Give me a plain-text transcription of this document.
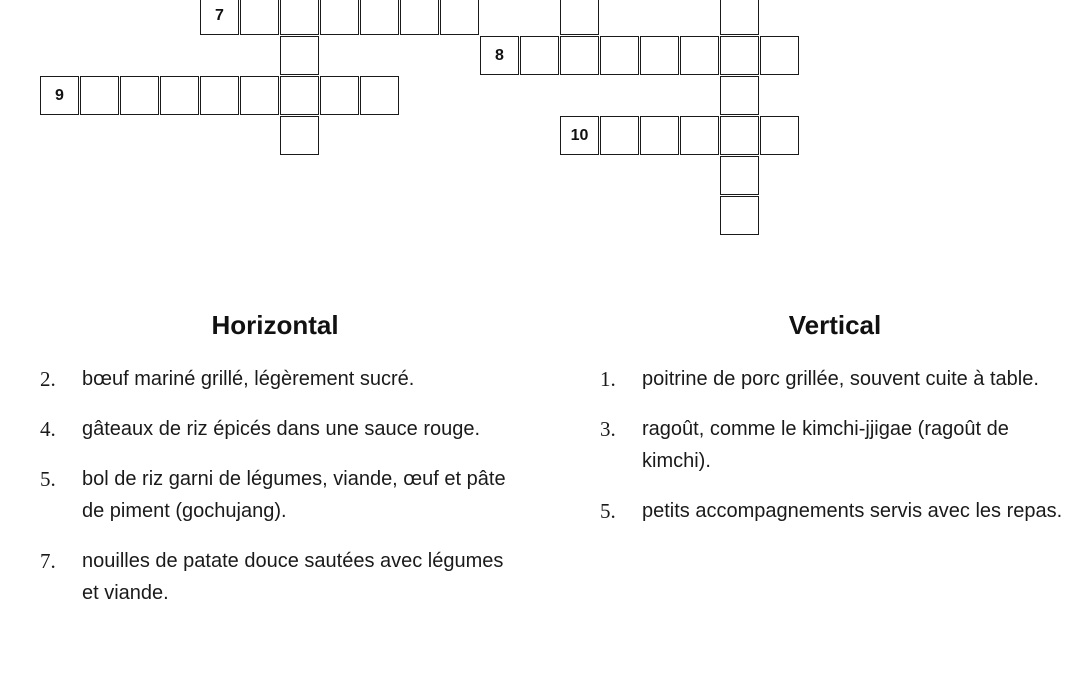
7
8
9
10
Horizontal
2. bœuf mariné grillé, légèrement sucré.
4. gâteaux de riz épicés dans une sauce rouge.
5. bol de riz garni de légumes, viande, œuf et pâte de piment (gochujang).
7. nouilles de patate douce sautées avec légumes et viande.
Vertical
1. poitrine de porc grillée, souvent cuite à table.
3. ragoût, comme le kimchi-jjigae (ragoût de kimchi).
5. petits accompagnements servis avec les repas.
